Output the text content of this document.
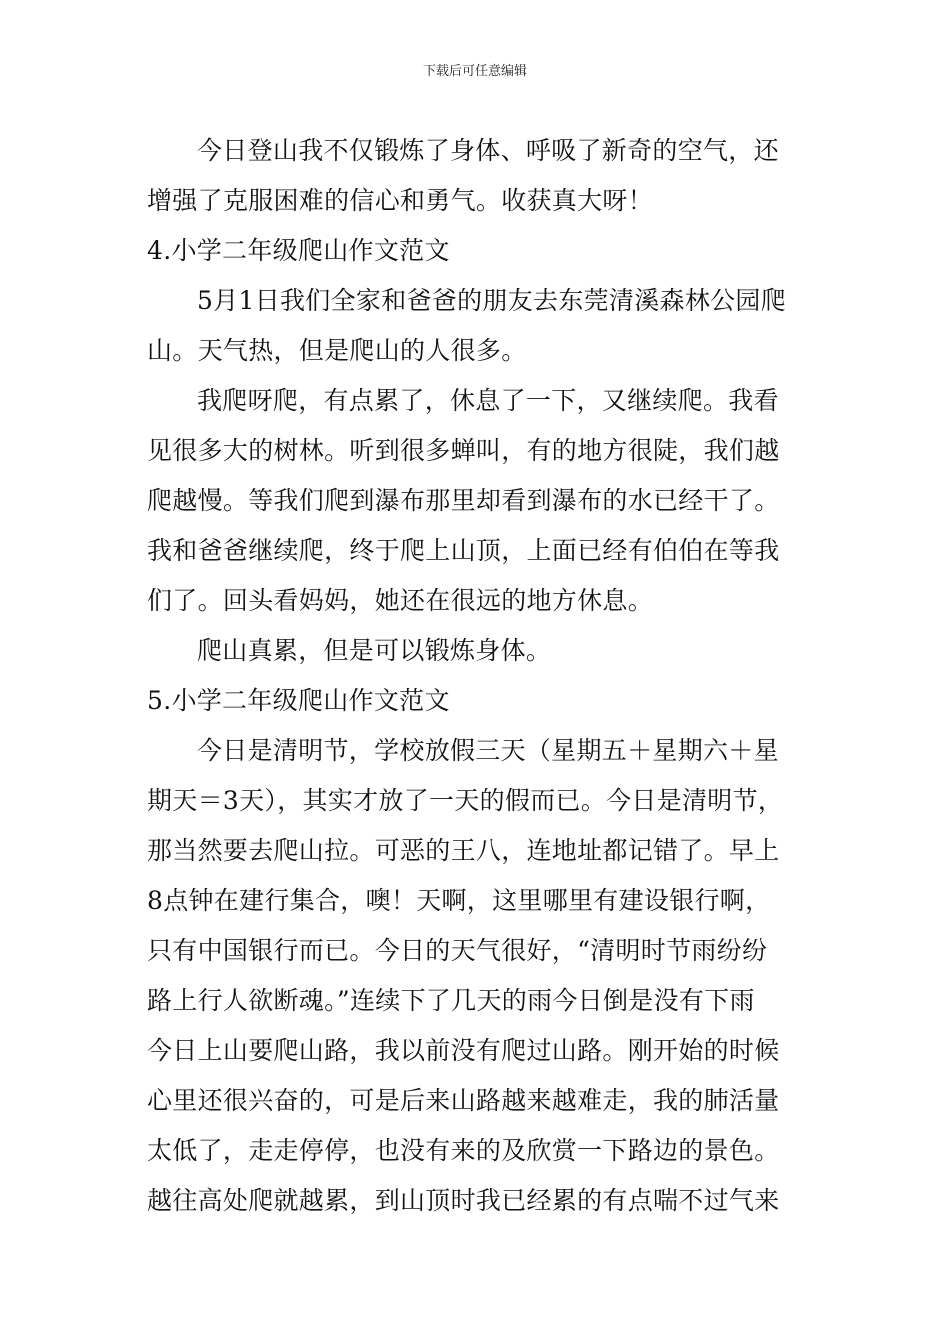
下载后可任意编辑
今日登山我不仅锻炼了身体、呼吸了新奇的空气，还
增强了克服困难的信心和勇气。收获真大呀！
4.小学二年级爬山作文范文
5月1日我们全家和爸爸的朋友去东莞清溪森林公园爬
山。天气热，但是爬山的人很多。
我爬呀爬，有点累了，休息了一下，又继续爬。我看
见很多大的树林。听到很多蝉叫，有的地方很陡，我们越
爬越慢。等我们爬到瀑布那里却看到瀑布的水已经干了。
我和爸爸继续爬，终于爬上山顶，上面已经有伯伯在等我
们了。回头看妈妈，她还在很远的地方休息。
爬山真累，但是可以锻炼身体。
5.小学二年级爬山作文范文
今日是清明节，学校放假三天（星期五＋星期六＋星
期天＝3天），其实才放了一天的假而已。今日是清明节，
那当然要去爬山拉。可恶的王八，连地址都记错了。早上
8点钟在建行集合，噢！天啊，这里哪里有建设银行啊，
只有中国银行而已。今日的天气很好，“清明时节雨纷纷
路上行人欲断魂。”连续下了几天的雨今日倒是没有下雨
今日上山要爬山路，我以前没有爬过山路。刚开始的时候
心里还很兴奋的，可是后来山路越来越难走，我的肺活量
太低了，走走停停，也没有来的及欣赏一下路边的景色。
越往高处爬就越累，到山顶时我已经累的有点喘不过气来
